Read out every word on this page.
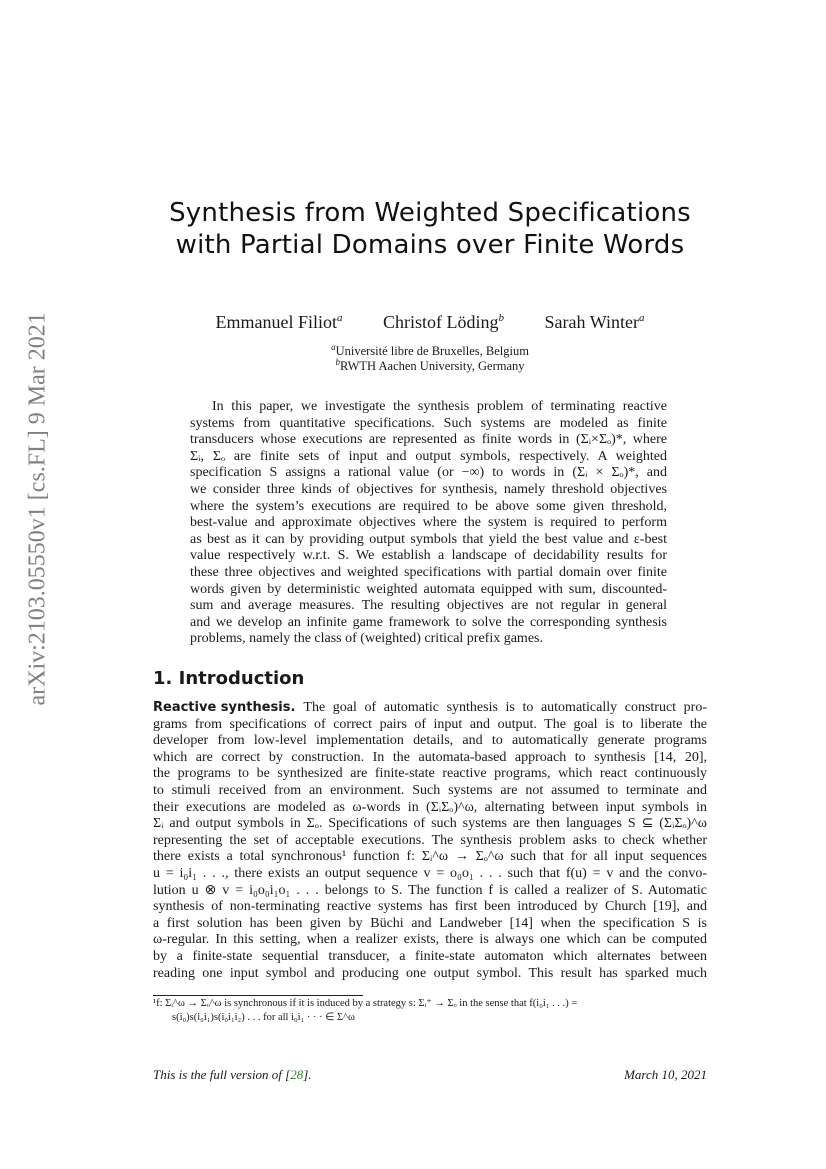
arXiv:2103.05550v1 [cs.FL] 9 Mar 2021
Synthesis from Weighted Specifications
with Partial Domains over Finite Words
Emmanuel Filiot$^a$ Christof Löding$^b$ Sarah Winter$^a$
$^a$Université libre de Bruxelles, Belgium
$^b$RWTH Aachen University, Germany
In this paper, we investigate the synthesis problem of terminating reactive
systems from quantitative specifications. Such systems are modeled as finite
transducers whose executions are represented as finite words in (Σᵢ×Σₒ)*, where
Σᵢ, Σₒ are finite sets of input and output symbols, respectively. A weighted
specification S assigns a rational value (or −∞) to words in (Σᵢ × Σₒ)*, and
we consider three kinds of objectives for synthesis, namely threshold objectives
where the system’s executions are required to be above some given threshold,
best-value and approximate objectives where the system is required to perform
as best as it can by providing output symbols that yield the best value and ε-best
value respectively w.r.t. S. We establish a landscape of decidability results for
these three objectives and weighted specifications with partial domain over finite
words given by deterministic weighted automata equipped with sum, discounted-
sum and average measures. The resulting objectives are not regular in general
and we develop an infinite game framework to solve the corresponding synthesis
problems, namely the class of (weighted) critical prefix games.
1. Introduction
Reactive synthesis. The goal of automatic synthesis is to automatically construct pro-
grams from specifications of correct pairs of input and output. The goal is to liberate the
developer from low-level implementation details, and to automatically generate programs
which are correct by construction. In the automata-based approach to synthesis [14, 20],
the programs to be synthesized are finite-state reactive programs, which react continuously
to stimuli received from an environment. Such systems are not assumed to terminate and
their executions are modeled as ω-words in (ΣᵢΣₒ)^ω, alternating between input symbols in
Σᵢ and output symbols in Σₒ. Specifications of such systems are then languages S ⊆ (ΣᵢΣₒ)^ω
representing the set of acceptable executions. The synthesis problem asks to check whether
there exists a total synchronous¹ function f: Σᵢ^ω → Σₒ^ω such that for all input sequences
u = i₀i₁ . . ., there exists an output sequence v = o₀o₁ . . . such that f(u) = v and the convo-
lution u ⊗ v = i₀o₀i₁o₁ . . . belongs to S. The function f is called a realizer of S. Automatic
synthesis of non-terminating reactive systems has first been introduced by Church [19], and
a first solution has been given by Büchi and Landweber [14] when the specification S is
ω-regular. In this setting, when a realizer exists, there is always one which can be computed
by a finite-state sequential transducer, a finite-state automaton which alternates between
reading one input symbol and producing one output symbol. This result has sparked much
¹f: Σᵢ^ω → Σₒ^ω is synchronous if it is induced by a strategy s: Σᵢ⁺ → Σₒ in the sense that f(i₀i₁ . . .) =
s(i₀)s(i₀i₁)s(i₀i₁i₂) . . . for all i₀i₁ · · · ∈ Σ^ω
This is the full version of [28].	March 10, 2021
